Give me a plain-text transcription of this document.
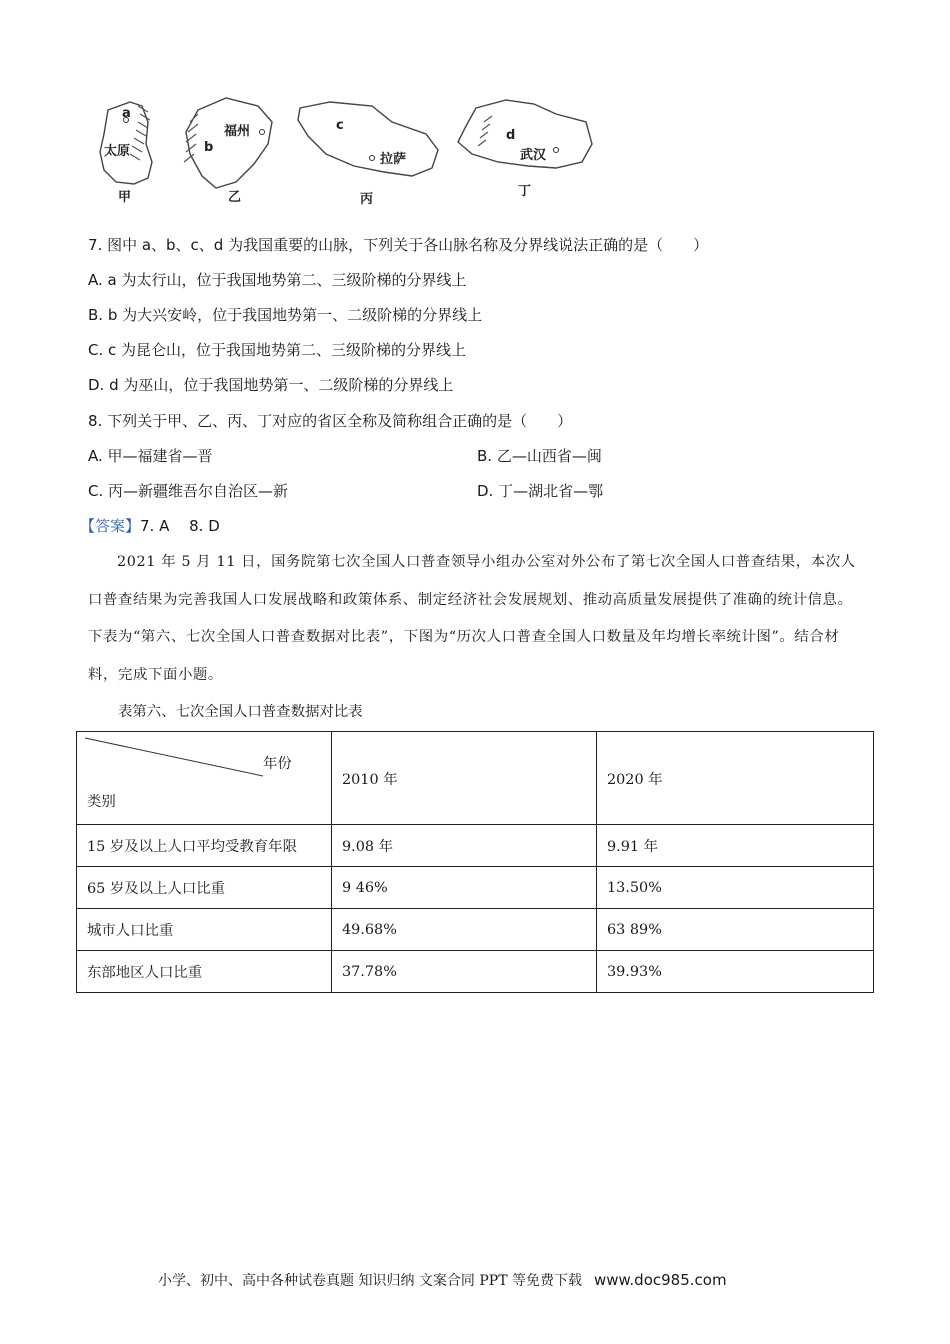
a
太原
甲
b
福州
乙
c
拉萨
丙
d
武汉
丁
7. 图中 a、b、c、d 为我国重要的山脉，下列关于各山脉名称及分界线说法正确的是（　　）
A. a 为太行山，位于我国地势第二、三级阶梯的分界线上
B. b 为大兴安岭，位于我国地势第一、二级阶梯的分界线上
C. c 为昆仑山，位于我国地势第二、三级阶梯的分界线上
D. d 为巫山，位于我国地势第一、二级阶梯的分界线上
8. 下列关于甲、乙、丙、丁对应的省区全称及简称组合正确的是（　　）
A. 甲—福建省—晋	B. 乙—山西省—闽
C. 丙—新疆维吾尔自治区—新	D. 丁—湖北省—鄂
【答案】7. A　 8. D
2021 年 5 月 11 日，国务院第七次全国人口普查领导小组办公室对外公布了第七次全国人口普查结果，本次人口普查结果为完善我国人口发展战略和政策体系、制定经济社会发展规划、推动高质量发展提供了准确的统计信息。下表为“第六、七次全国人口普查数据对比表”，下图为“历次人口普查全国人口数量及年均增长率统计图”。结合材料，完成下面小题。
表第六、七次全国人口普查数据对比表
年份
类别	2010 年	2020 年
15 岁及以上人口平均受教育年限	9.08 年	9.91 年
65 岁及以上人口比重	9 46%	13.50%
城市人口比重	49.68%	63 89%
东部地区人口比重	37.78%	39.93%
小学、初中、高中各种试卷真题 知识归纳 文案合同 PPT 等免费下载 www.doc985.com
